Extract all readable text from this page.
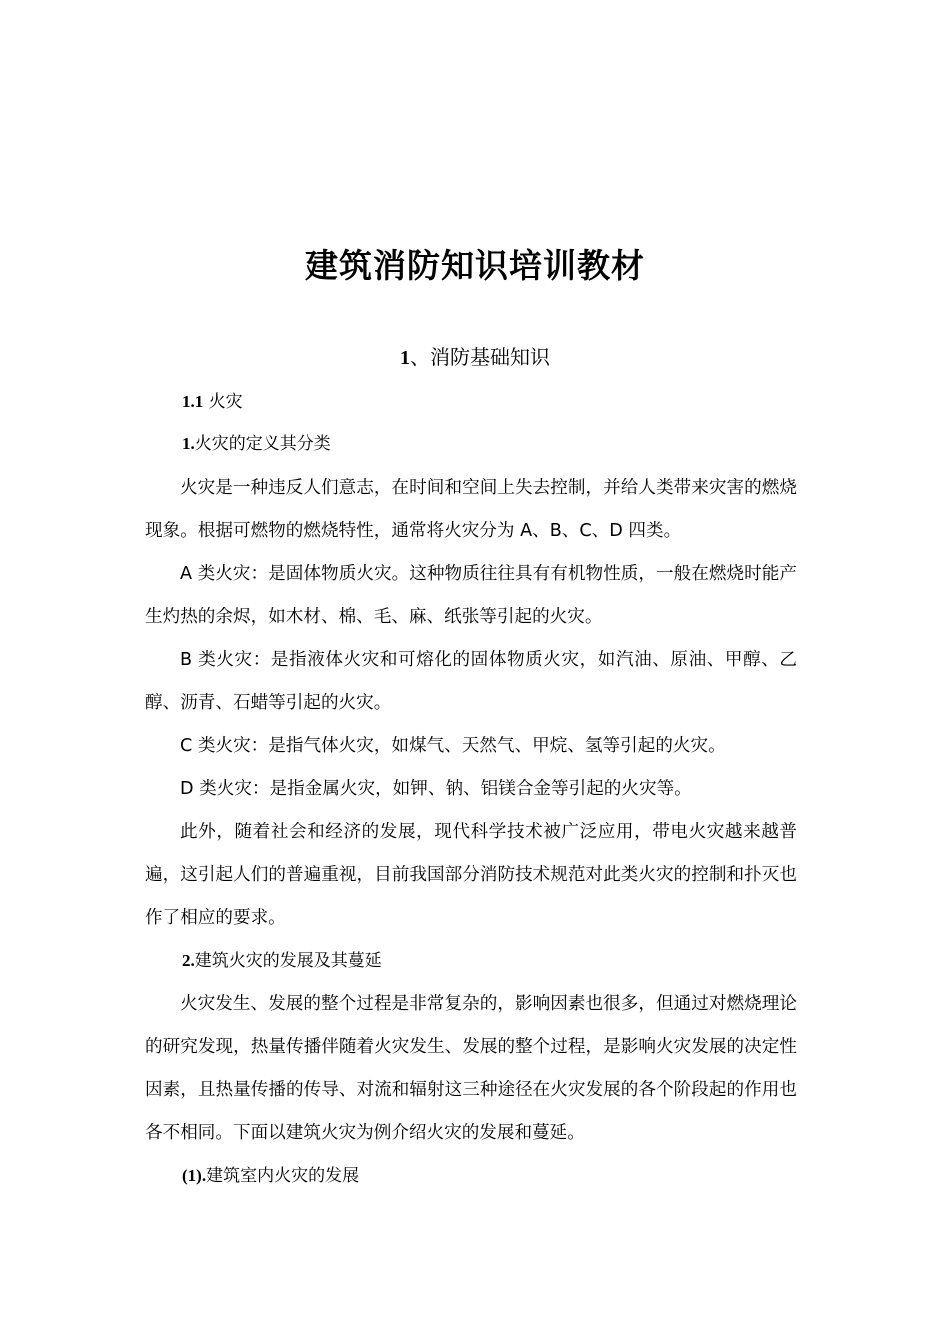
建筑消防知识培训教材
1、消防基础知识
1.1 火灾
1.火灾的定义其分类
火灾是一种违反人们意志，在时间和空间上失去控制，并给人类带来灾害的燃烧现象。根据可燃物的燃烧特性，通常将火灾分为 A、B、C、D 四类。
A 类火灾：是固体物质火灾。这种物质往往具有有机物性质，一般在燃烧时能产生灼热的余烬，如木材、棉、毛、麻、纸张等引起的火灾。
B 类火灾：是指液体火灾和可熔化的固体物质火灾，如汽油、原油、甲醇、乙醇、沥青、石蜡等引起的火灾。
C 类火灾：是指气体火灾，如煤气、天然气、甲烷、氢等引起的火灾。
D 类火灾：是指金属火灾，如钾、钠、铝镁合金等引起的火灾等。
此外，随着社会和经济的发展，现代科学技术被广泛应用，带电火灾越来越普遍，这引起人们的普遍重视，目前我国部分消防技术规范对此类火灾的控制和扑灭也作了相应的要求。
2.建筑火灾的发展及其蔓延
火灾发生、发展的整个过程是非常复杂的，影响因素也很多，但通过对燃烧理论的研究发现，热量传播伴随着火灾发生、发展的整个过程，是影响火灾发展的决定性因素，且热量传播的传导、对流和辐射这三种途径在火灾发展的各个阶段起的作用也各不相同。下面以建筑火灾为例介绍火灾的发展和蔓延。
(1).建筑室内火灾的发展
